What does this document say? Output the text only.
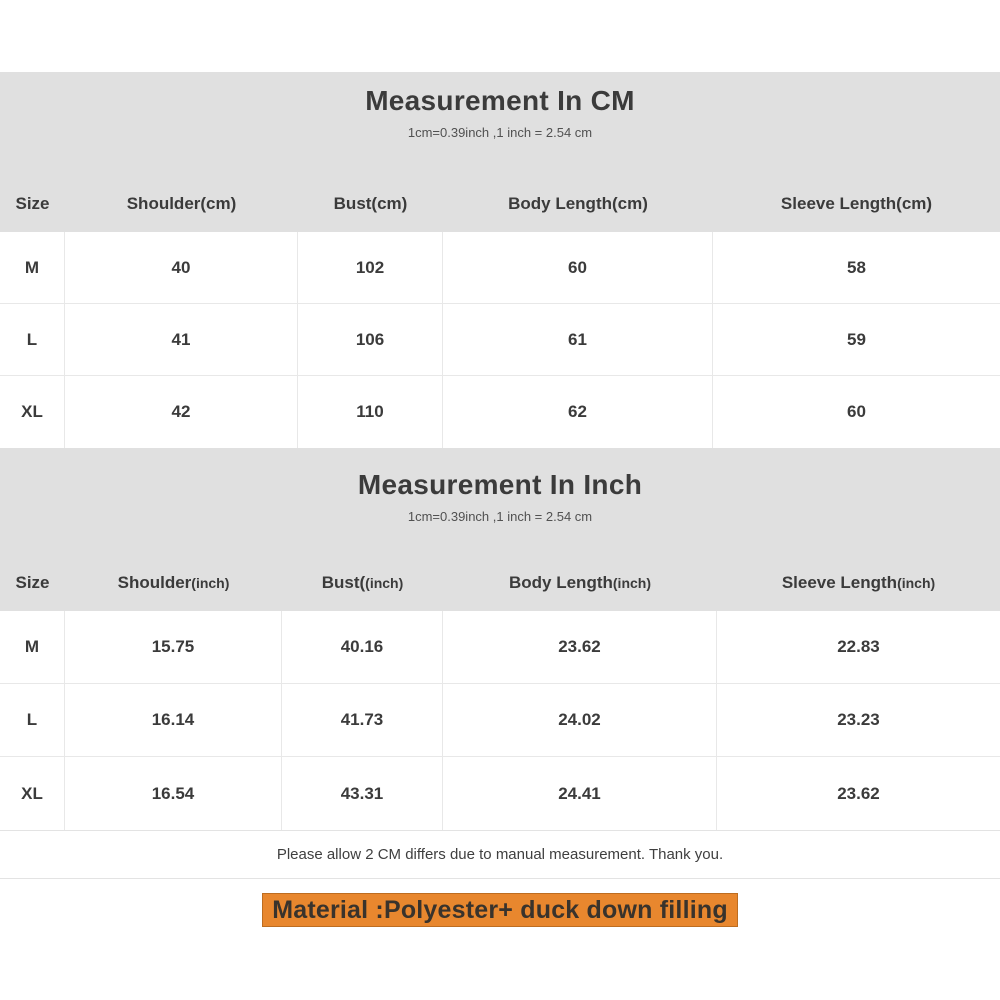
Measurement In CM
1cm=0.39inch ,1 inch = 2.54 cm
Size	Shoulder(cm)	Bust(cm)	Body Length(cm)	Sleeve Length(cm)
M	40	102	60	58
L	41	106	61	59
XL	42	110	62	60
Measurement In Inch
1cm=0.39inch ,1 inch = 2.54 cm
Size	Shoulder (inch)	Bust( (inch)	Body Length (inch)	Sleeve Length (inch)
M	15.75	40.16	23.62	22.83
L	16.14	41.73	24.02	23.23
XL	16.54	43.31	24.41	23.62
Please allow 2 CM differs due to manual measurement. Thank you.
Material :Polyester+ duck down filling
